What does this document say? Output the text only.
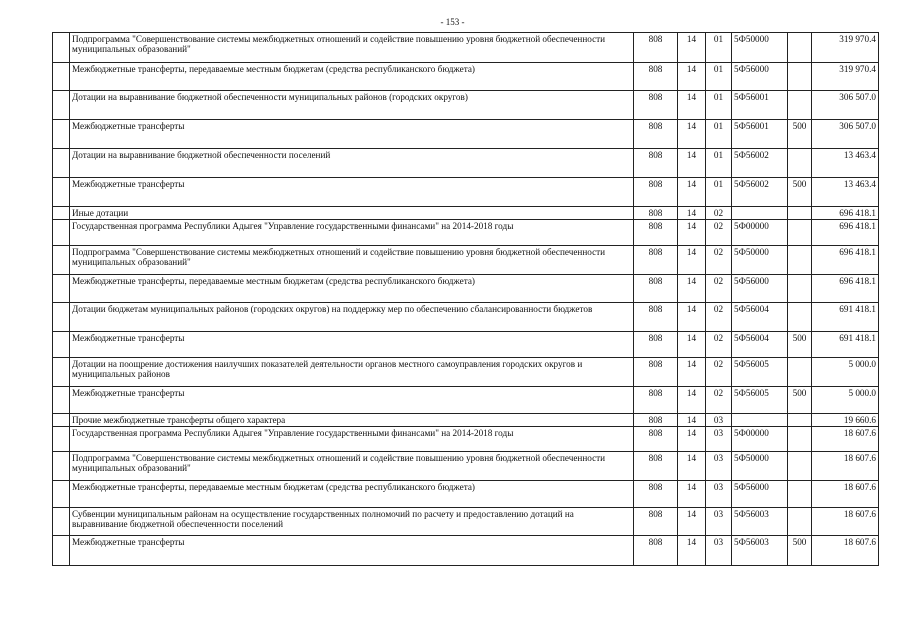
- 153 -
	Подпрограмма "Совершенствование системы межбюджетных отношений и содействие повышению уровня бюджетной обеспеченности муниципальных образований"	808	14	01	5Ф50000		319 970.4
	Межбюджетные трансферты, передаваемые местным бюджетам (средства республиканского бюджета)	808	14	01	5Ф56000		319 970.4
	Дотации на выравнивание бюджетной обеспеченности муниципальных районов (городских округов)	808	14	01	5Ф56001		306 507.0
	Межбюджетные трансферты	808	14	01	5Ф56001	500	306 507.0
	Дотации на выравнивание бюджетной обеспеченности поселений	808	14	01	5Ф56002		13 463.4
	Межбюджетные трансферты	808	14	01	5Ф56002	500	13 463.4
	Иные дотации	808	14	02			696 418.1
	Государственная программа Республики Адыгея "Управление государственными финансами" на 2014-2018 годы	808	14	02	5Ф00000		696 418.1
	Подпрограмма "Совершенствование системы межбюджетных отношений и содействие повышению уровня бюджетной обеспеченности муниципальных образований"	808	14	02	5Ф50000		696 418.1
	Межбюджетные трансферты, передаваемые местным бюджетам (средства республиканского бюджета)	808	14	02	5Ф56000		696 418.1
	Дотации бюджетам муниципальных районов (городских округов) на поддержку мер по обеспечению сбалансированности бюджетов	808	14	02	5Ф56004		691 418.1
	Межбюджетные трансферты	808	14	02	5Ф56004	500	691 418.1
	Дотации на поощрение достижения наилучших показателей деятельности органов местного самоуправления городских округов и муниципальных районов	808	14	02	5Ф56005		5 000.0
	Межбюджетные трансферты	808	14	02	5Ф56005	500	5 000.0
	Прочие межбюджетные трансферты общего характера	808	14	03			19 660.6
	Государственная программа Республики Адыгея "Управление государственными финансами" на 2014-2018 годы	808	14	03	5Ф00000		18 607.6
	Подпрограмма "Совершенствование системы межбюджетных отношений и содействие повышению уровня бюджетной обеспеченности муниципальных образований"	808	14	03	5Ф50000		18 607.6
	Межбюджетные трансферты, передаваемые местным бюджетам (средства республиканского бюджета)	808	14	03	5Ф56000		18 607.6
	Субвенции муниципальным районам на осуществление государственных полномочий по расчету и предоставлению дотаций на выравнивание бюджетной обеспеченности поселений	808	14	03	5Ф56003		18 607.6
	Межбюджетные трансферты	808	14	03	5Ф56003	500	18 607.6
